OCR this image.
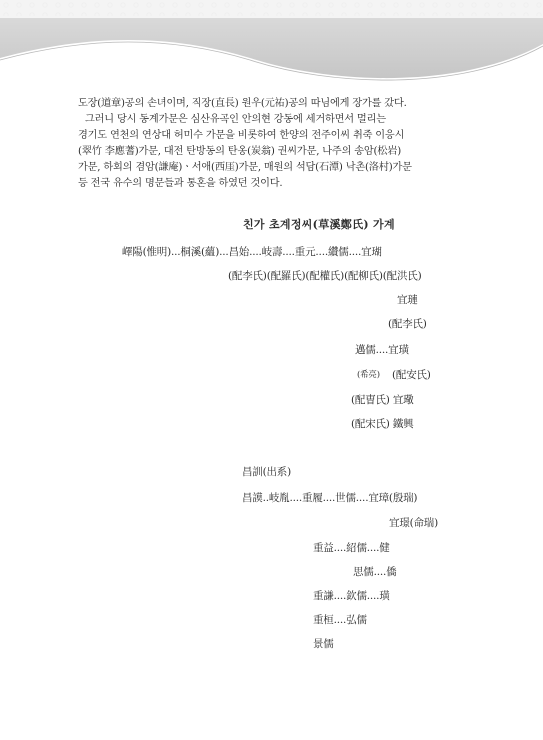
도장(道章)공의 손녀이며, 직장(直長) 원우(元祐)공의 따님에게 장가를 갔다.

그러니 당시 동계가문은 심산유곡인 안의현 강동에 세거하면서 멀리는

경기도 연천의 연상대 허미수 가문을 비롯하여 한양의 전주이씨 취죽 이응시

(翠竹 李應蓍)가문, 대전 탄방동의 탄옹(炭翁) 권씨가문, 나주의 송암(松岩)

가문, 하회의 겸암(謙庵)ㆍ서애(西厓)가문, 매원의 석담(石潭) 낙촌(洛村)가문

등 전국 유수의 명문들과 통혼을 하였던 것이다.

친가 초계정씨(草溪鄭氏) 가계
嶧陽(惟明)...桐溪(蘊)...昌始....岐壽....重元....纘儒....宜瑚
(配李氏)(配羅氏)(配權氏)(配柳氏)(配洪氏)
宜璉
(配李氏)
邁儒....宜璜
(希亮) (配安氏)
(配曺氏) 宜璥
(配宋氏) 鐵興
昌訓(出系)
昌謨..岐胤....重履....世儒....宜璋(殷瑞)
宜璟(命瑞)
重益....紹儒....健
思儒....僑
重謙....欽儒....璜
重桓....弘儒
景儒
